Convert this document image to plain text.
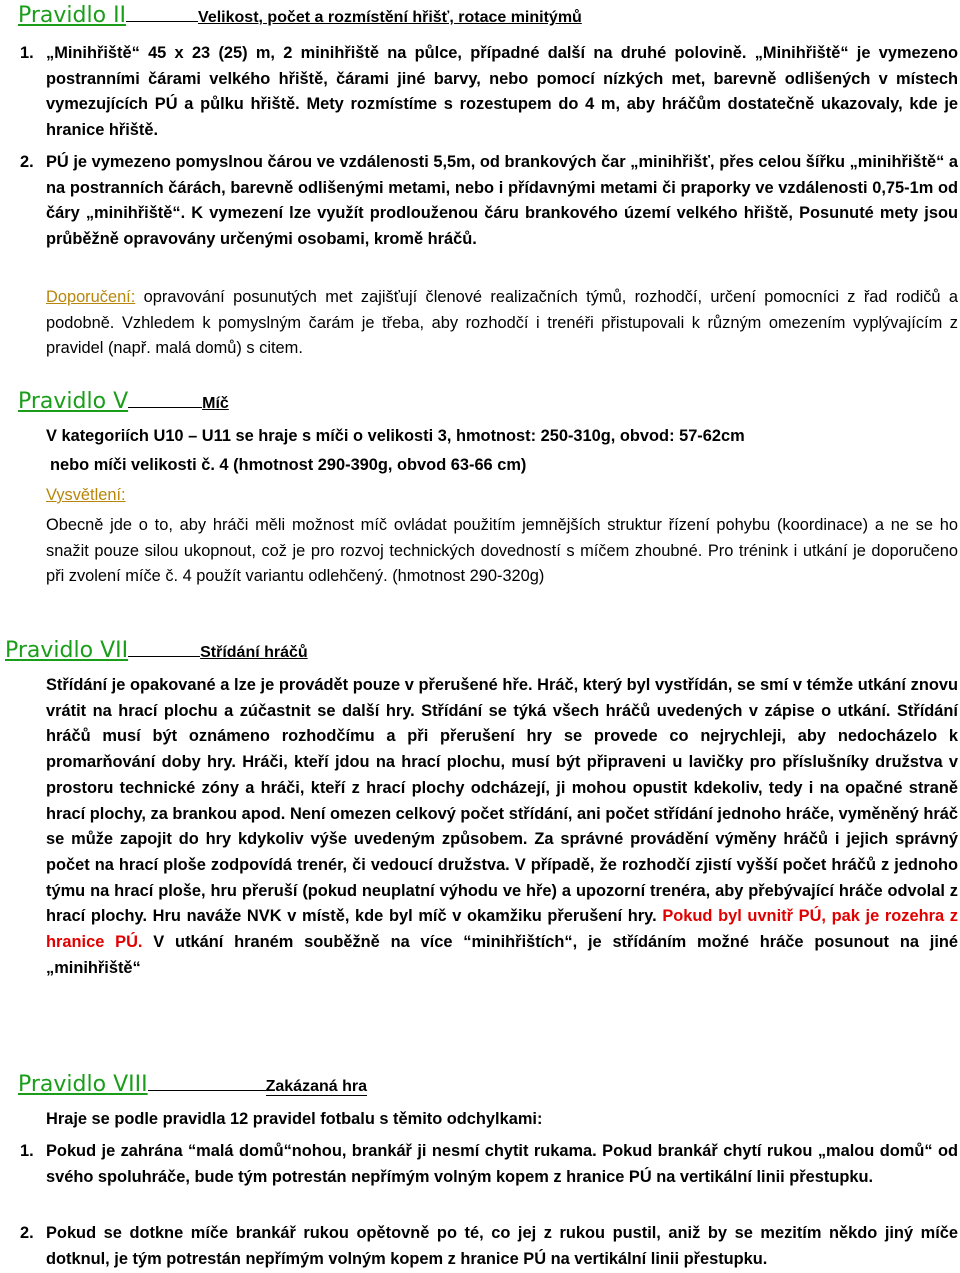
Pravidlo II	Velikost, počet a rozmístění hřišť, rotace minitýmů
1. „Minihřiště“ 45 x 23 (25) m, 2 minihřiště na půlce, případné další na druhé polovině. „Minihřiště“ je vymezeno postranními čárami velkého hřiště, čárami jiné barvy, nebo pomocí nízkých met, barevně odlišených v místech vymezujících PÚ a půlku hřiště. Mety rozmístíme s rozestupem do 4 m, aby hráčům dostatečně ukazovaly, kde je hranice hřiště.

2. PÚ je vymezeno pomyslnou čárou ve vzdálenosti 5,5m, od brankových čar „minihřišť, přes celou šířku „minihřiště“ a na postranních čárách, barevně odlišenými metami, nebo i přídavnými metami či praporky ve vzdálenosti 0,75-1m od čáry „minihřiště“. K vymezení lze využít prodlouženou čáru brankového území velkého hřiště, Posunuté mety jsou průběžně opravovány určenými osobami, kromě hráčů.

Doporučení: opravování posunutých met zajišťují členové realizačních týmů, rozhodčí, určení pomocníci z řad rodičů a podobně. Vzhledem k pomyslným čarám je třeba, aby rozhodčí i trenéři přistupovali k různým omezením vyplývajícím z pravidel (např. malá domů) s citem.

Pravidlo V	Míč

V kategoriích U10 – U11 se hraje s míči o velikosti 3, hmotnost: 250-310g, obvod: 57-62cm

nebo míči velikosti č. 4 (hmotnost 290-390g, obvod 63-66 cm)

Vysvětlení:

Obecně jde o to, aby hráči měli možnost míč ovládat použitím jemnějších struktur řízení pohybu (koordinace) a ne se ho snažit pouze silou ukopnout, což je pro rozvoj technických dovedností s míčem zhoubné. Pro trénink i utkání je doporučeno při zvolení míče č. 4 použít variantu odlehčený. (hmotnost 290-320g)

Pravidlo VII	Střídání hráčů

Střídání je opakované a lze je provádět pouze v přerušené hře. Hráč, který byl vystřídán, se smí v témže utkání znovu vrátit na hrací plochu a zúčastnit se další hry. Střídání se týká všech hráčů uvedených v zápise o utkání. Střídání hráčů musí být oznámeno rozhodčímu a při přerušení hry se provede co nejrychleji, aby nedocházelo k promarňování doby hry. Hráči, kteří jdou na hrací plochu, musí být připraveni u lavičky pro příslušníky družstva v prostoru technické zóny a hráči, kteří z hrací plochy odcházejí, ji mohou opustit kdekoliv, tedy i na opačné straně hrací plochy, za brankou apod. Není omezen celkový počet střídání, ani počet střídání jednoho hráče, vyměněný hráč se může zapojit do hry kdykoliv výše uvedeným způsobem. Za správné provádění výměny hráčů i jejich správný počet na hrací ploše zodpovídá trenér, či vedoucí družstva. V případě, že rozhodčí zjistí vyšší počet hráčů z jednoho týmu na hrací ploše, hru přeruší (pokud neuplatní výhodu ve hře) a upozorní trenéra, aby přebývající hráče odvolal z hrací plochy. Hru naváže NVK v místě, kde byl míč v okamžiku přerušení hry. Pokud byl uvnitř PÚ, pak je rozehra z hranice PÚ. V utkání hraném souběžně na více “minihřištích“, je střídáním možné hráče posunout na jiné „minihřiště“

Pravidlo VIII	Zakázaná hra

Hraje se podle pravidla 12 pravidel fotbalu s těmito odchylkami:

1. Pokud je zahrána “malá domů“nohou, brankář ji nesmí chytit rukama. Pokud brankář chytí rukou „malou domů“ od svého spoluhráče, bude tým potrestán nepřímým volným kopem z hranice PÚ na vertikální linii přestupku.

2. Pokud se dotkne míče brankář rukou opětovně po té, co jej z rukou pustil, aniž by se mezitím někdo jiný míče dotknul, je tým potrestán nepřímým volným kopem z hranice PÚ na vertikální linii přestupku.
